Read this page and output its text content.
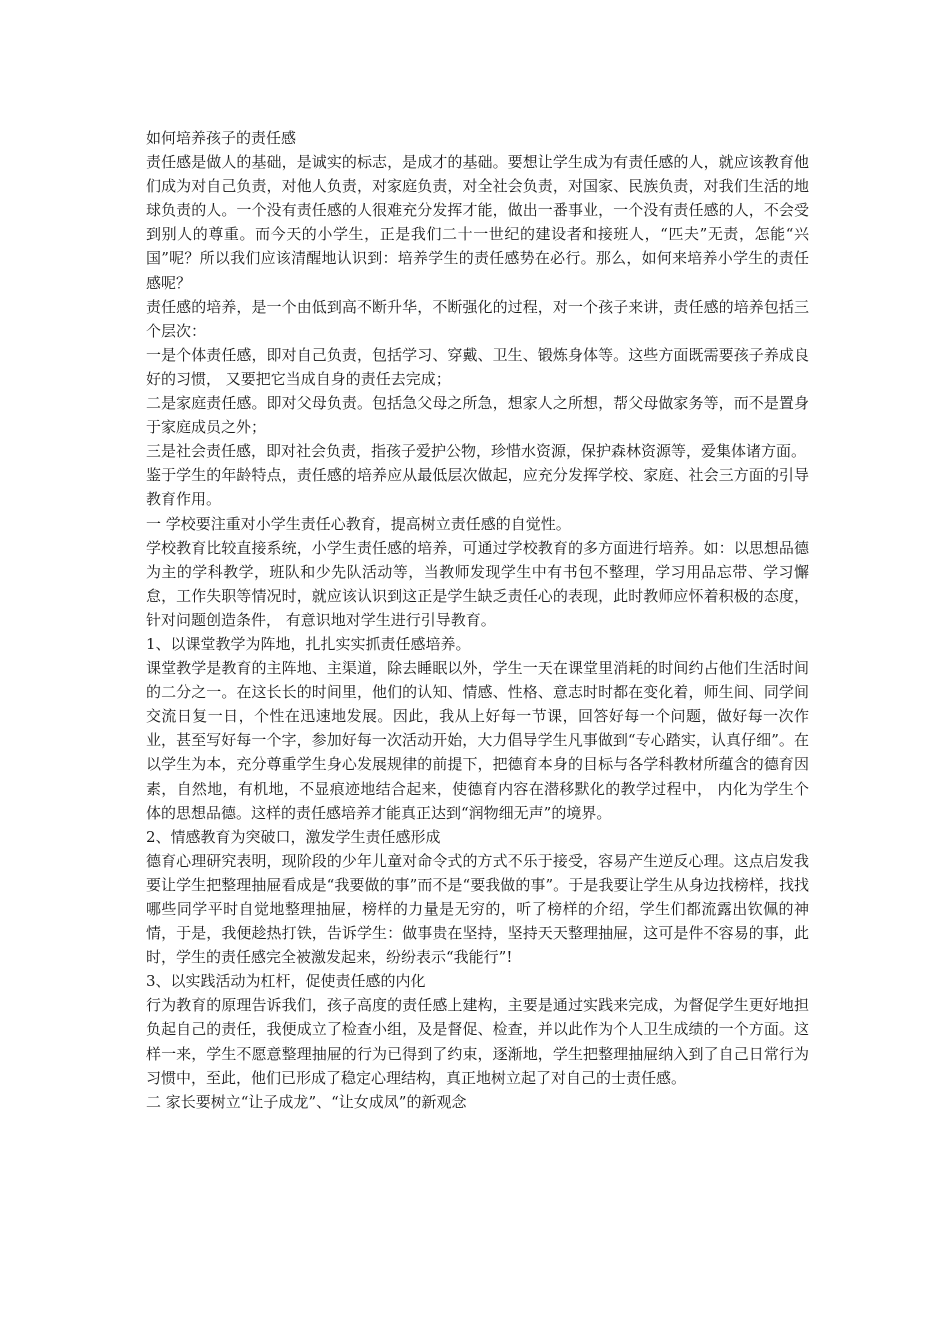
如何培养孩子的责任感

责任感是做人的基础，是诚实的标志，是成才的基础。要想让学生成为有责任感的人，就应该教育他们成为对自己负责，对他人负责，对家庭负责，对全社会负责，对国家、民族负责，对我们生活的地球负责的人。一个没有责任感的人很难充分发挥才能，做出一番事业，一个没有责任感的人，不会受到别人的尊重。而今天的小学生，正是我们二十一世纪的建设者和接班人，“匹夫”无责，怎能“兴国”呢？所以我们应该清醒地认识到：培养学生的责任感势在必行。那么，如何来培养小学生的责任感呢？

责任感的培养，是一个由低到高不断升华，不断强化的过程，对一个孩子来讲，责任感的培养包括三个层次：

一是个体责任感，即对自己负责，包括学习、穿戴、卫生、锻炼身体等。这些方面既需要孩子养成良好的习惯， 又要把它当成自身的责任去完成；

二是家庭责任感。即对父母负责。包括急父母之所急，想家人之所想，帮父母做家务等，而不是置身于家庭成员之外；

三是社会责任感，即对社会负责，指孩子爱护公物，珍惜水资源，保护森林资源等，爱集体诸方面。

鉴于学生的年龄特点，责任感的培养应从最低层次做起，应充分发挥学校、家庭、社会三方面的引导教育作用。

一 学校要注重对小学生责任心教育，提高树立责任感的自觉性。

学校教育比较直接系统，小学生责任感的培养，可通过学校教育的多方面进行培养。如：以思想品德为主的学科教学，班队和少先队活动等，当教师发现学生中有书包不整理，学习用品忘带、学习懈怠，工作失职等情况时，就应该认识到这正是学生缺乏责任心的表现，此时教师应怀着积极的态度，针对问题创造条件， 有意识地对学生进行引导教育。

1、以课堂教学为阵地，扎扎实实抓责任感培养。

课堂教学是教育的主阵地、主渠道，除去睡眠以外，学生一天在课堂里消耗的时间约占他们生活时间的二分之一。在这长长的时间里，他们的认知、情感、性格、意志时时都在变化着，师生间、同学间交流日复一日，个性在迅速地发展。因此，我从上好每一节课，回答好每一个问题，做好每一次作业，甚至写好每一个字，参加好每一次活动开始，大力倡导学生凡事做到“专心踏实，认真仔细”。在以学生为本，充分尊重学生身心发展规律的前提下，把德育本身的目标与各学科教材所蕴含的德育因素，自然地，有机地，不显痕迹地结合起来，使德育内容在潜移默化的教学过程中， 内化为学生个体的思想品德。这样的责任感培养才能真正达到“润物细无声”的境界。

2、情感教育为突破口，激发学生责任感形成

德育心理研究表明，现阶段的少年儿童对命令式的方式不乐于接受，容易产生逆反心理。这点启发我要让学生把整理抽屉看成是“我要做的事”而不是“要我做的事”。于是我要让学生从身边找榜样，找找哪些同学平时自觉地整理抽屉，榜样的力量是无穷的，听了榜样的介绍，学生们都流露出钦佩的神情，于是，我便趁热打铁，告诉学生：做事贵在坚持，坚持天天整理抽屉，这可是件不容易的事，此时，学生的责任感完全被激发起来，纷纷表示“我能行”!

3、以实践活动为杠杆，促使责任感的内化

行为教育的原理告诉我们，孩子高度的责任感上建构，主要是通过实践来完成，为督促学生更好地担负起自己的责任，我便成立了检查小组，及是督促、检查，并以此作为个人卫生成绩的一个方面。这样一来，学生不愿意整理抽屉的行为已得到了约束，逐渐地，学生把整理抽屉纳入到了自己日常行为习惯中，至此，他们已形成了稳定心理结构，真正地树立起了对自己的士责任感。

二 家长要树立“让子成龙”、“让女成凤”的新观念
